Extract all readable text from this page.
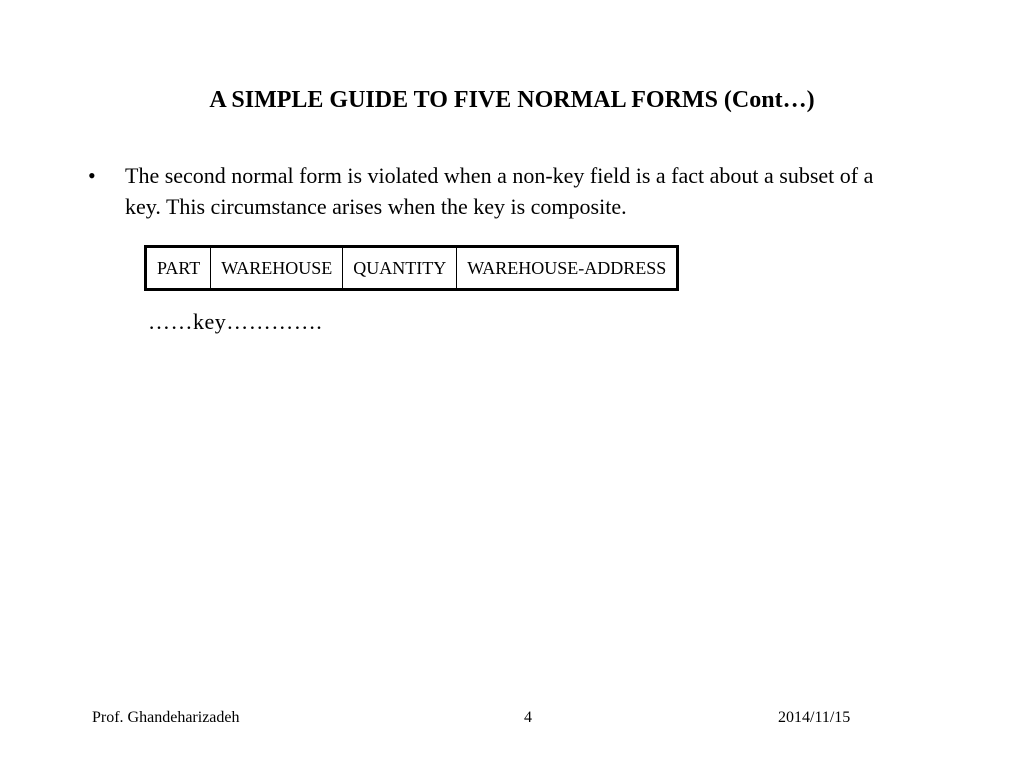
A SIMPLE GUIDE TO FIVE NORMAL FORMS (Cont…)
•	The second normal form is violated when a non-key field is a fact about a subset of a key. This circumstance arises when the key is composite.

PART	WAREHOUSE	QUANTITY	WAREHOUSE-ADDRESS
……key………….
Prof. Ghandeharizadeh	4	2014/11/15
